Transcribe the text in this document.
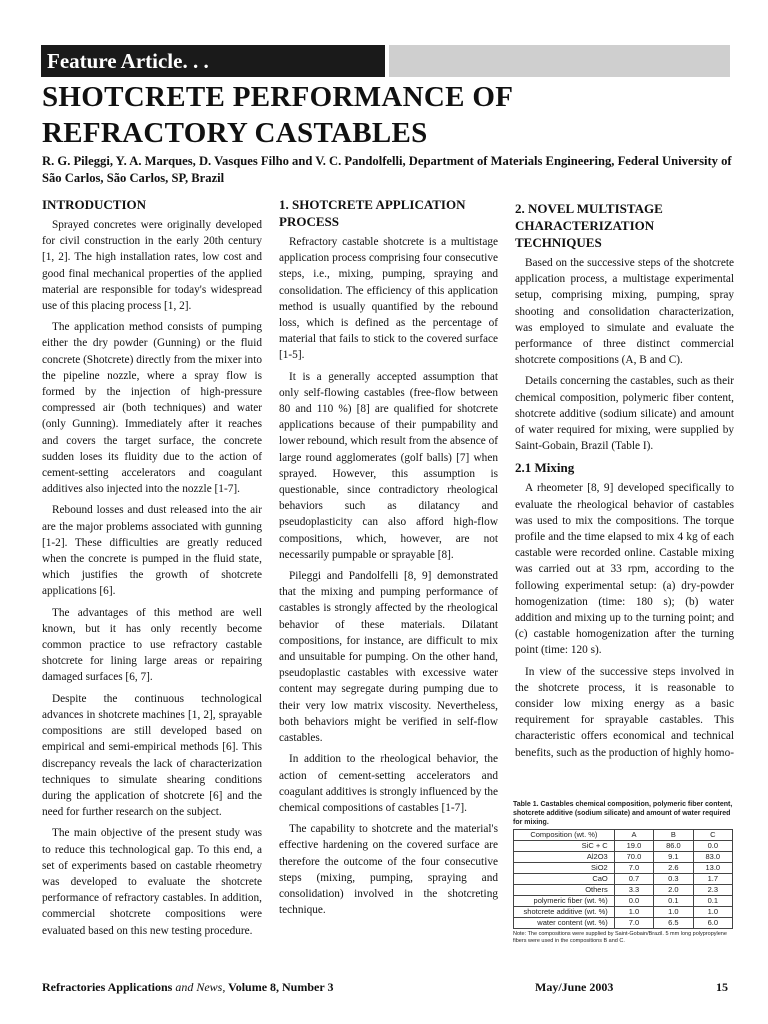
Feature Article. . .
SHOTCRETE PERFORMANCE OF
REFRACTORY CASTABLES
R. G. Pileggi, Y. A. Marques, D. Vasques Filho and V. C. Pandolfelli, Department of Materials Engineering, Federal University of São Carlos, São Carlos, SP, Brazil
INTRODUCTION

Sprayed concretes were originally developed for civil construction in the early 20th century [1, 2]. The high installation rates, low cost and good final mechanical properties of the applied material are responsible for today's widespread use of this placing process [1, 2].

The application method consists of pumping either the dry powder (Gunning) or the fluid concrete (Shotcrete) directly from the mixer into the pipeline nozzle, where a spray flow is formed by the injection of high-pressure compressed air (both techniques) and water (only Gunning). Immediately after it reaches and covers the target surface, the concrete sudden loses its fluidity due to the action of cement-setting accelerators and coagulant additives also injected into the nozzle [1-7].

Rebound losses and dust released into the air are the major problems associated with gunning [1-2]. These difficulties are greatly reduced when the concrete is pumped in the fluid state, which justifies the growth of shotcrete applications [6].

The advantages of this method are well known, but it has only recently become common practice to use refractory castable shotcrete for lining large areas or repairing damaged surfaces [6, 7].

Despite the continuous technological advances in shotcrete machines [1, 2], sprayable compositions are still developed based on empirical and semi-empirical methods [6]. This discrepancy reveals the lack of characterization techniques to simulate shearing conditions during the application of shotcrete [6] and the need for further research on the subject.

The main objective of the present study was to reduce this technological gap. To this end, a set of experiments based on castable rheometry was developed to evaluate the shotcrete performance of refractory castables. In addition, commercial shotcrete compositions were evaluated based on this new testing procedure.

1. SHOTCRETE APPLICATION PROCESS

Refractory castable shotcrete is a multistage application process comprising four consecutive steps, i.e., mixing, pumping, spraying and consolidation. The efficiency of this application method is usually quantified by the rebound loss, which is defined as the percentage of material that fails to stick to the covered surface [1-5].

It is a generally accepted assumption that only self-flowing castables (free-flow between 80 and 110 %) [8] are qualified for shotcrete applications because of their pumpability and lower rebound, which result from the absence of large round agglomerates (golf balls) [7] when sprayed. However, this assumption is questionable, since contradictory rheological behaviors such as dilatancy and pseudoplasticity can also afford high-flow compositions, which, however, are not necessarily pumpable or sprayable [8].

Pileggi and Pandolfelli [8, 9] demonstrated that the mixing and pumping performance of castables is strongly affected by the rheological behavior of these materials. Dilatant compositions, for instance, are difficult to mix and unsuitable for pumping. On the other hand, pseudoplastic castables with excessive water content may segregate during pumping due to their very low matrix viscosity. Nevertheless, both behaviors might be verified in self-flow castables.

In addition to the rheological behavior, the action of cement-setting accelerators and coagulant additives is strongly influenced by the chemical compositions of castables [1-7].

The capability to shotcrete and the material's effective hardening on the covered surface are therefore the outcome of the four consecutive steps (mixing, pumping, spraying and consolidation) involved in the shotcreting technique.

2. NOVEL MULTISTAGE CHARACTERIZATION TECHNIQUES

Based on the successive steps of the shotcrete application process, a multistage experimental setup, comprising mixing, pumping, spray shooting and consolidation characterization, was employed to simulate and evaluate the performance of three distinct commercial shotcrete compositions (A, B and C).

Details concerning the castables, such as their chemical composition, polymeric fiber content, shotcrete additive (sodium silicate) and amount of water required for mixing, were supplied by Saint-Gobain, Brazil (Table I).

2.1 Mixing

A rheometer [8, 9] developed specifically to evaluate the rheological behavior of castables was used to mix the compositions. The torque profile and the time elapsed to mix 4 kg of each castable were recorded online. Castable mixing was carried out at 33 rpm, according to the following experimental setup: (a) dry-powder homogenization (time: 180 s); (b) water addition and mixing up to the turning point; and (c) castable homogenization after the turning point (time: 120 s).

In view of the successive steps involved in the shotcrete process, it is reasonable to consider low mixing energy as a basic requirement for sprayable castables. This characteristic offers economical and technical benefits, such as the production of highly homo-

Table 1. Castables chemical composition, polymeric fiber content, shotcrete additive (sodium silicate) and amount of water required for mixing.
Composition (wt. %)	A	B	C
SiC + C	19.0	86.0	0.0
Al2O3	70.0	9.1	83.0
SiO2	7.0	2.6	13.0
CaO	0.7	0.3	1.7
Others	3.3	2.0	2.3
polymeric fiber (wt. %)	0.0	0.1	0.1
shotcrete additive (wt. %)	1.0	1.0	1.0
water content (wt. %)	7.0	6.5	6.0
Note: The compositions were supplied by Saint-Gobain/Brazil. 5 mm long polypropylene fibers were used in the compositions B and C.
Refractories Applications and News, Volume 8, Number 3	May/June 2003	15
